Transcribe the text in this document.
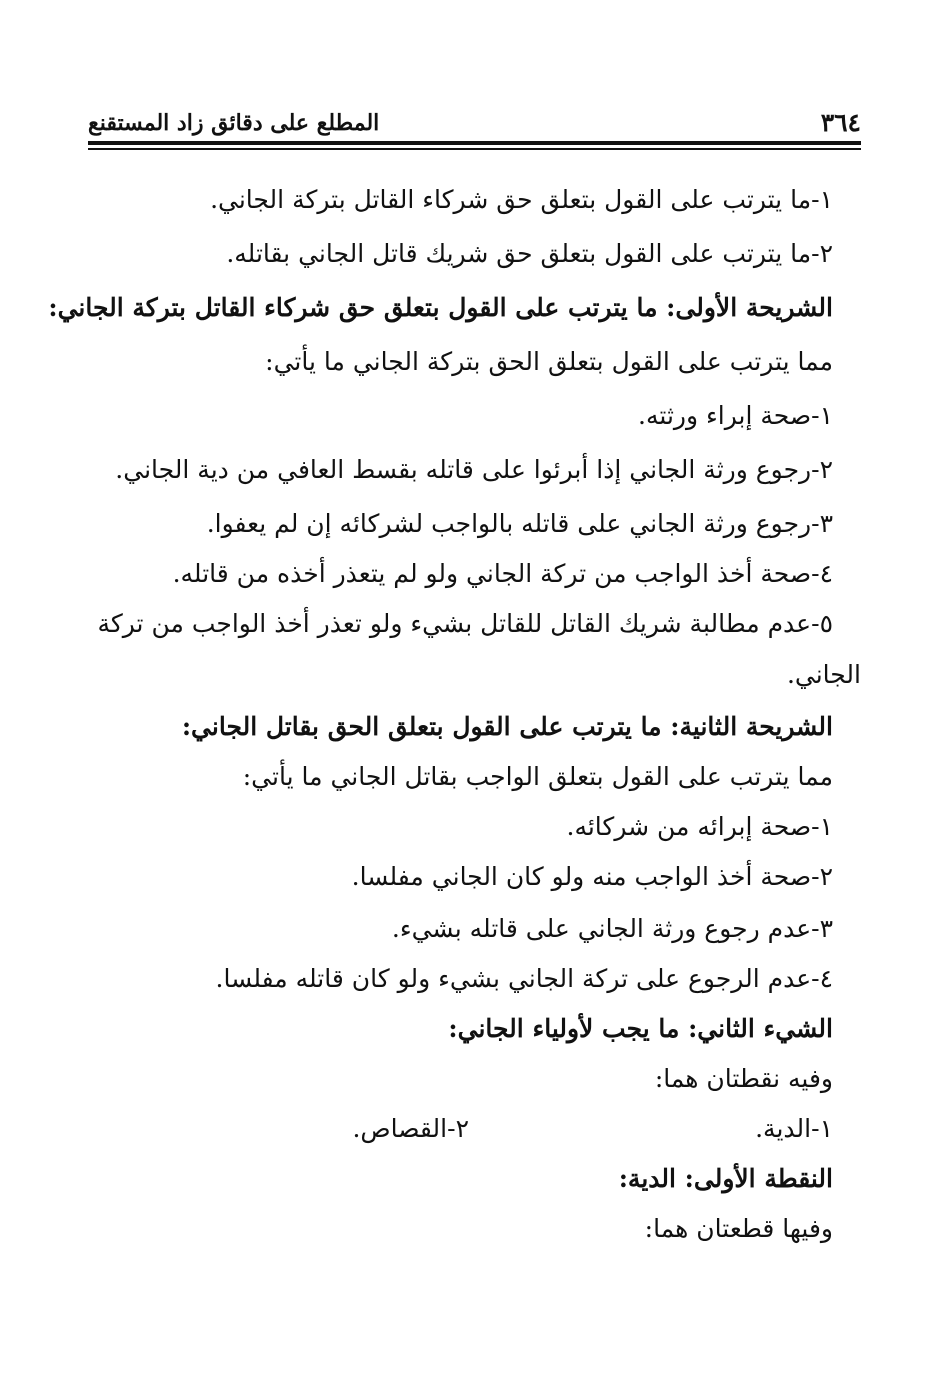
٣٦٤
المطلع على دقائق زاد المستقنع
١-ما يترتب على القول بتعلق حق شركاء القاتل بتركة الجاني.
٢-ما يترتب على القول بتعلق حق شريك قاتل الجاني بقاتله.
الشريحة الأولى: ما يترتب على القول بتعلق حق شركاء القاتل بتركة الجاني:
مما يترتب على القول بتعلق الحق بتركة الجاني ما يأتي:
١-صحة إبراء ورثته.
٢-رجوع ورثة الجاني إذا أبرئوا على قاتله بقسط العافي من دية الجاني.
٣-رجوع ورثة الجاني على قاتله بالواجب لشركائه إن لم يعفوا.
٤-صحة أخذ الواجب من تركة الجاني ولو لم يتعذر أخذه من قاتله.
٥-عدم مطالبة شريك القاتل للقاتل بشيء ولو تعذر أخذ الواجب من تركة
الجاني.
الشريحة الثانية: ما يترتب على القول بتعلق الحق بقاتل الجاني:
مما يترتب على القول بتعلق الواجب بقاتل الجاني ما يأتي:
١-صحة إبرائه من شركائه.
٢-صحة أخذ الواجب منه ولو كان الجاني مفلسا.
٣-عدم رجوع ورثة الجاني على قاتله بشيء.
٤-عدم الرجوع على تركة الجاني بشيء ولو كان قاتله مفلسا.
الشيء الثاني: ما يجب لأولياء الجاني:
وفيه نقطتان هما:
١-الدية.
٢-القصاص.
النقطة الأولى: الدية:
وفيها قطعتان هما:
